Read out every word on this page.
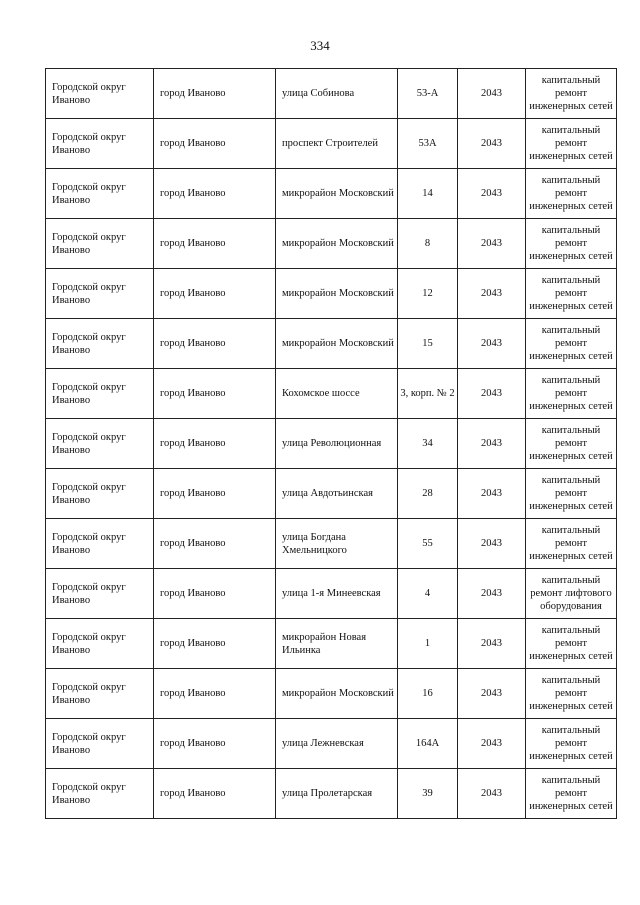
334
Городской округ Иваново	город Иваново	улица Собинова	53-А	2043	капитальный ремонт инженерных сетей
Городской округ Иваново	город Иваново	проспект Строителей	53А	2043	капитальный ремонт инженерных сетей
Городской округ Иваново	город Иваново	микрорайон Московский	14	2043	капитальный ремонт инженерных сетей
Городской округ Иваново	город Иваново	микрорайон Московский	8	2043	капитальный ремонт инженерных сетей
Городской округ Иваново	город Иваново	микрорайон Московский	12	2043	капитальный ремонт инженерных сетей
Городской округ Иваново	город Иваново	микрорайон Московский	15	2043	капитальный ремонт инженерных сетей
Городской округ Иваново	город Иваново	Кохомское шоссе	3, корп. № 2	2043	капитальный ремонт инженерных сетей
Городской округ Иваново	город Иваново	улица Революционная	34	2043	капитальный ремонт инженерных сетей
Городской округ Иваново	город Иваново	улица Авдотьинская	28	2043	капитальный ремонт инженерных сетей
Городской округ Иваново	город Иваново	улица Богдана Хмельницкого	55	2043	капитальный ремонт инженерных сетей
Городской округ Иваново	город Иваново	улица 1-я Минеевская	4	2043	капитальный ремонт лифтового оборудования
Городской округ Иваново	город Иваново	микрорайон Новая Ильинка	1	2043	капитальный ремонт инженерных сетей
Городской округ Иваново	город Иваново	микрорайон Московский	16	2043	капитальный ремонт инженерных сетей
Городской округ Иваново	город Иваново	улица Лежневская	164А	2043	капитальный ремонт инженерных сетей
Городской округ Иваново	город Иваново	улица Пролетарская	39	2043	капитальный ремонт инженерных сетей
